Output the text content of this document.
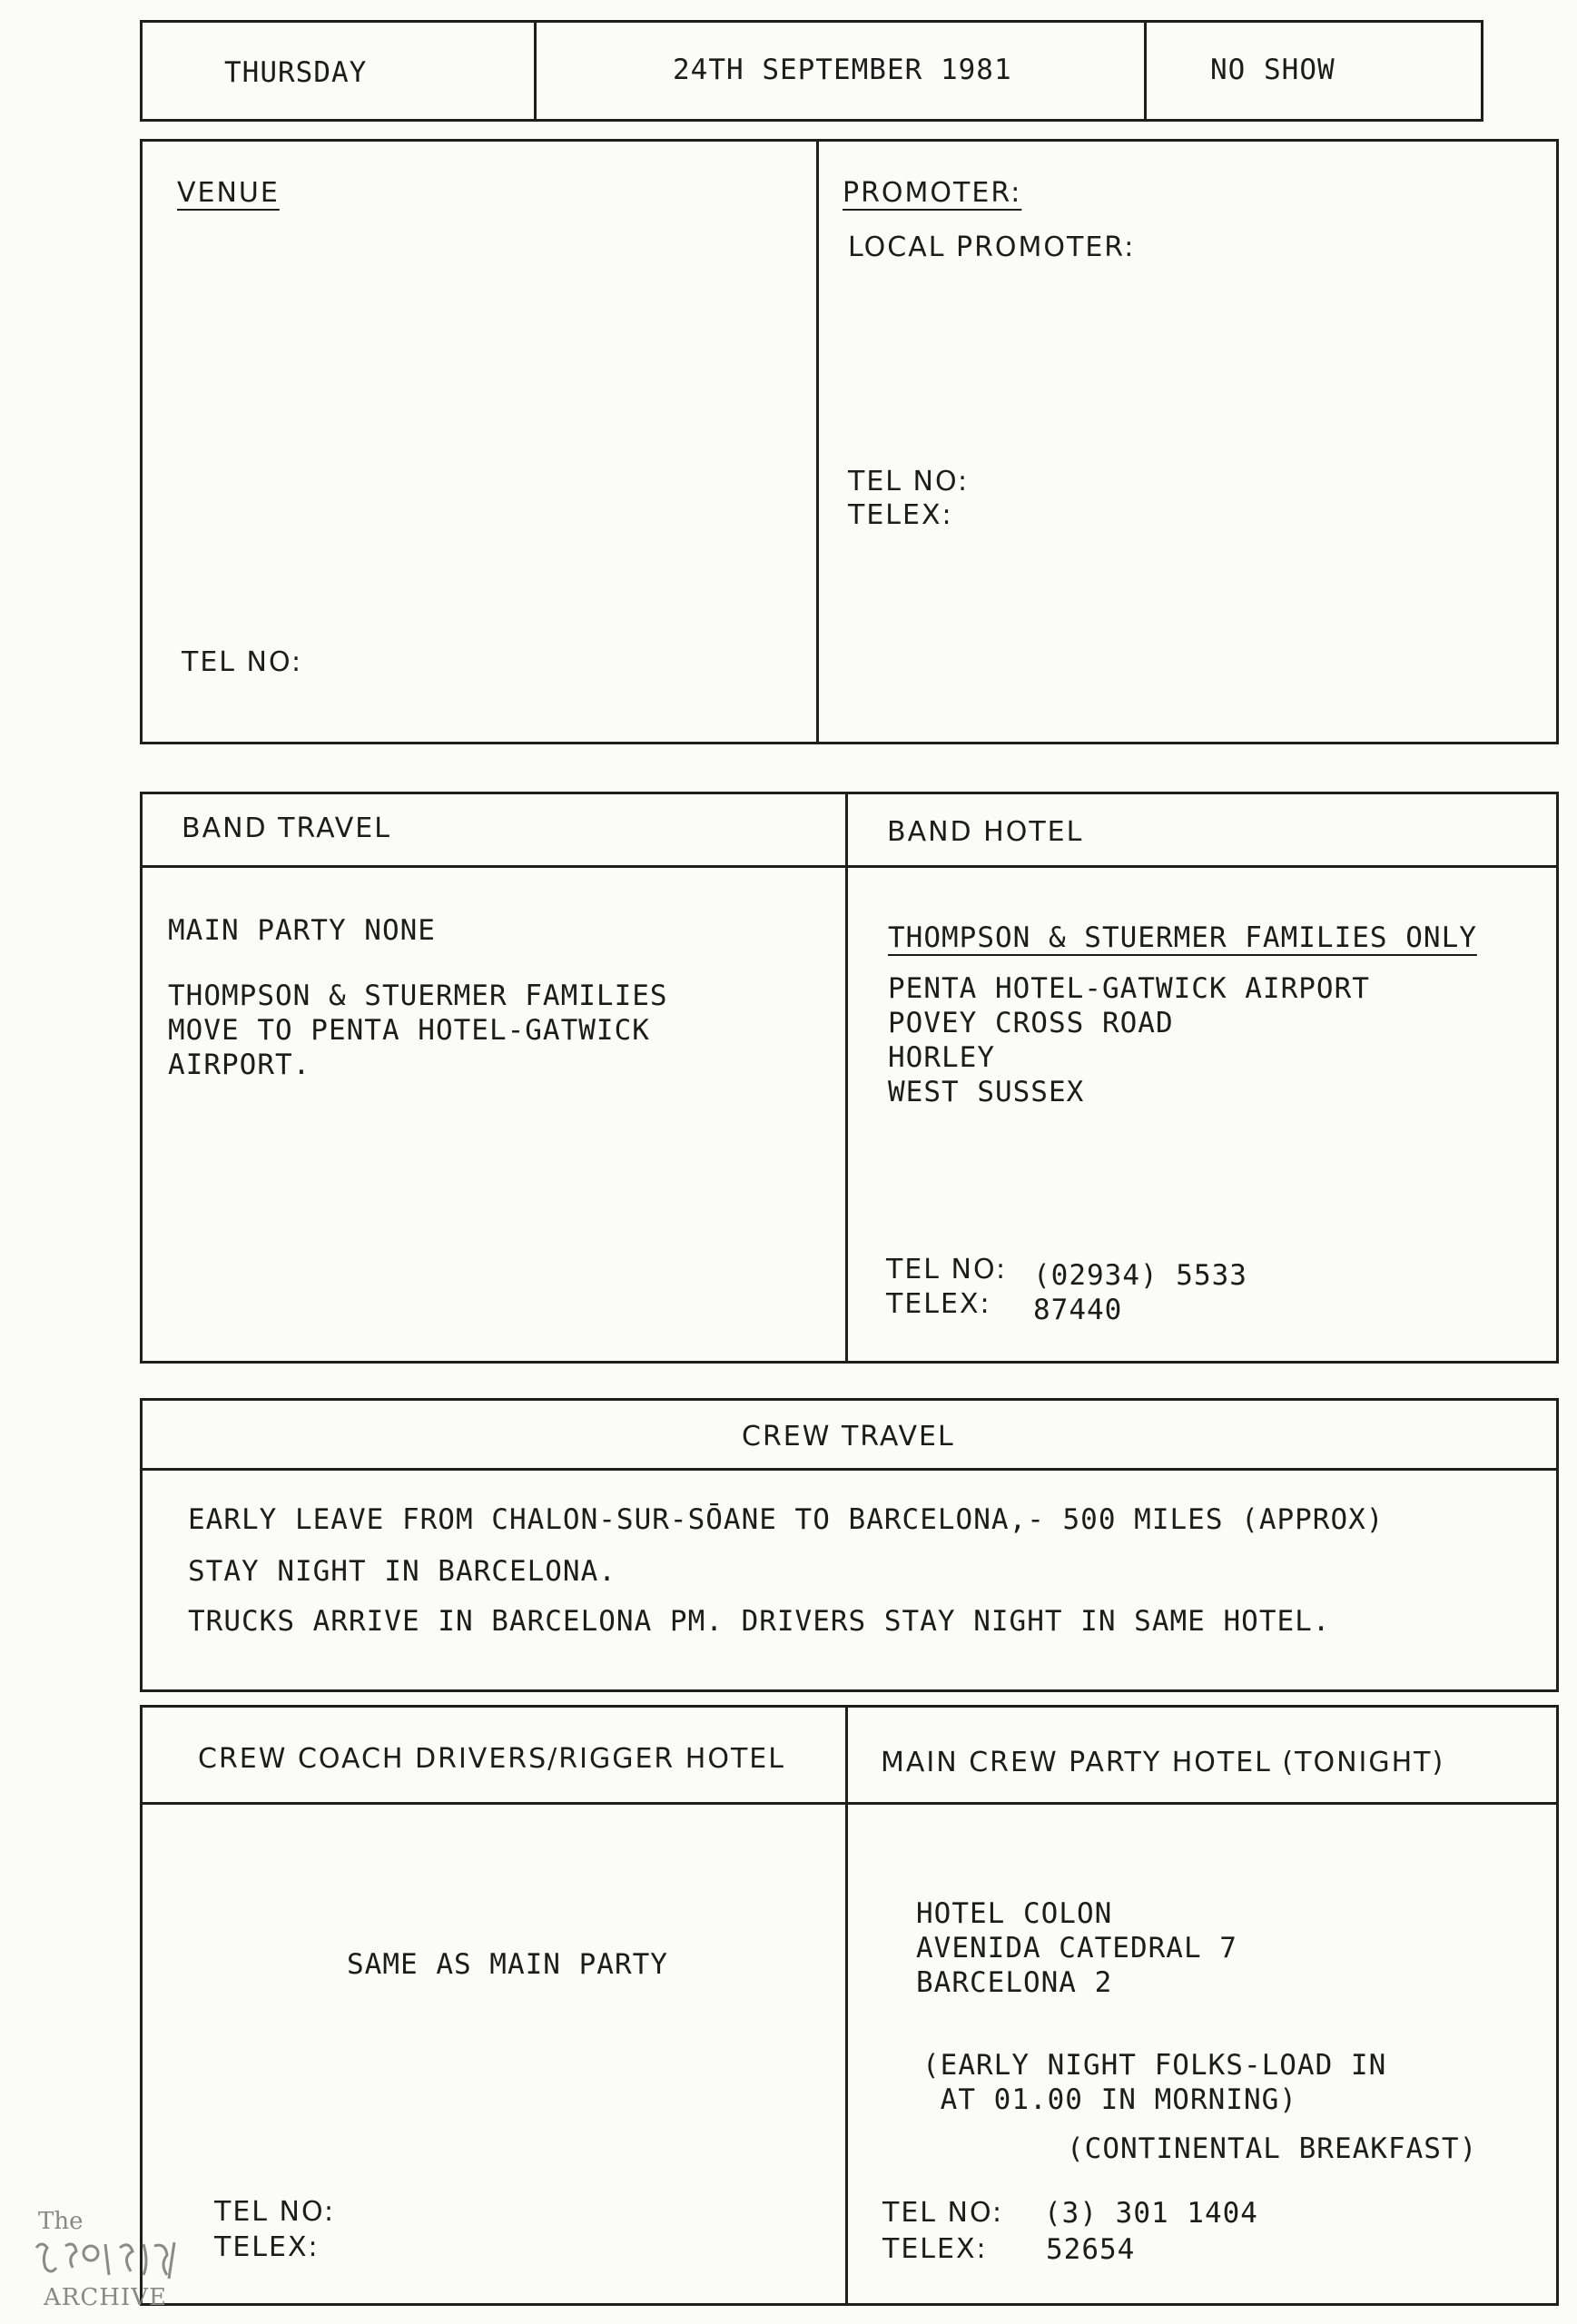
THURSDAY	24TH SEPTEMBER 1981	NO SHOW
VENUE
TEL NO:
PROMOTER:
LOCAL PROMOTER:
TEL NO:
TELEX:
BAND TRAVEL	BAND HOTEL
MAIN PARTY NONE
THOMPSON & STUERMER FAMILIES
MOVE TO PENTA HOTEL-GATWICK
AIRPORT.
THOMPSON & STUERMER FAMILIES ONLY
PENTA HOTEL-GATWICK AIRPORT
POVEY CROSS ROAD
HORLEY
WEST SUSSEX
TEL NO: (02934) 5533
TELEX: 87440
CREW TRAVEL
EARLY LEAVE FROM CHALON-SUR-SŌANE TO BARCELONA,- 500 MILES (APPROX)
STAY NIGHT IN BARCELONA.
TRUCKS ARRIVE IN BARCELONA PM. DRIVERS STAY NIGHT IN SAME HOTEL.
CREW COACH DRIVERS/RIGGER HOTEL	MAIN CREW PARTY HOTEL (TONIGHT)
SAME AS MAIN PARTY
HOTEL COLON
AVENIDA CATEDRAL 7
BARCELONA 2
(EARLY NIGHT FOLKS-LOAD IN
AT 01.00 IN MORNING)
(CONTINENTAL BREAKFAST)
TEL NO:
TELEX:
TEL NO: (3) 301 1404
TELEX: 52654
The
ARCHIVE
